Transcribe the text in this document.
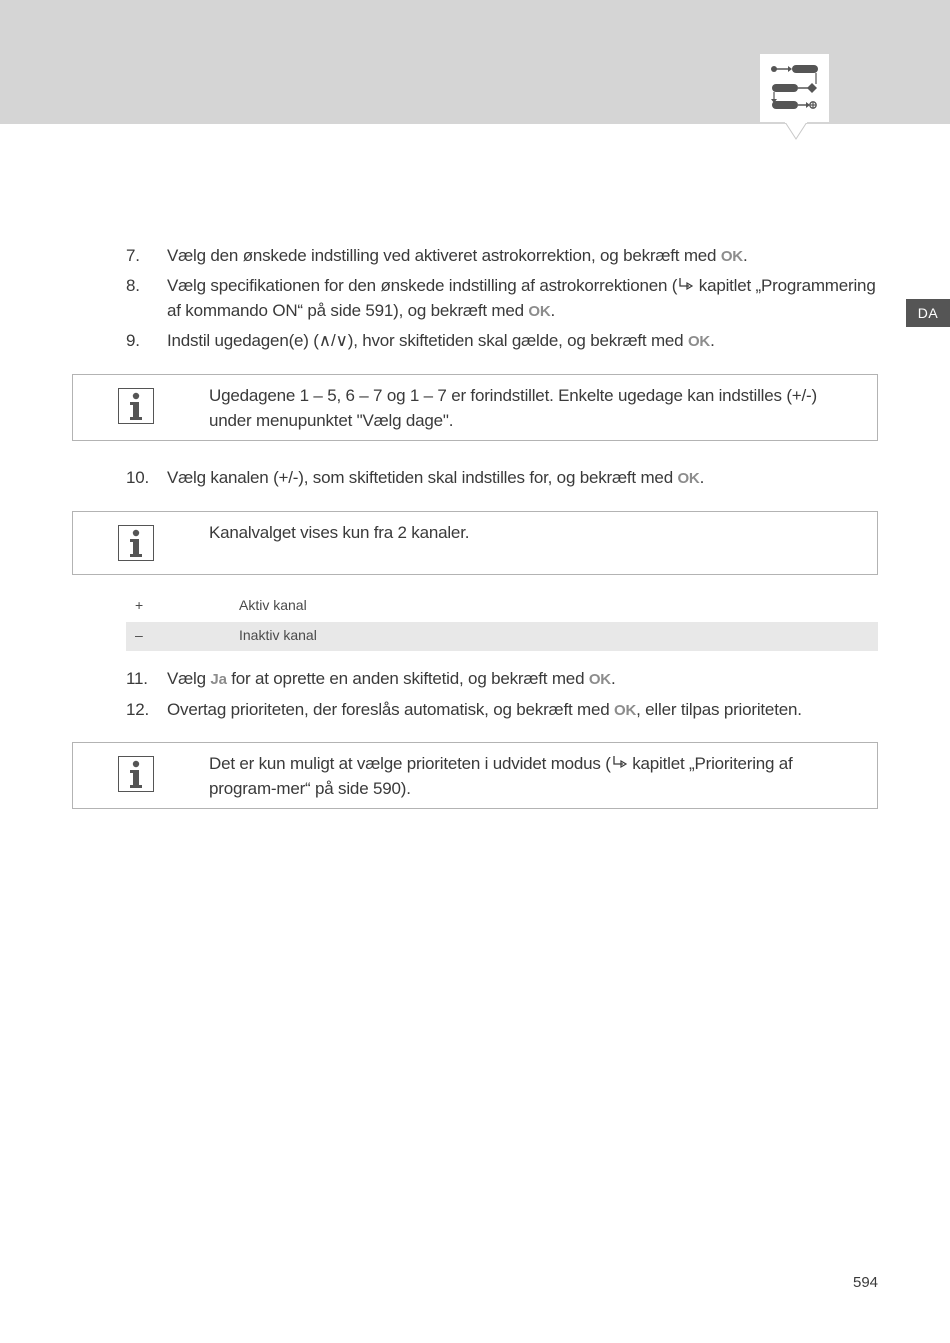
DA
7. Vælg den ønskede indstilling ved aktiveret astrokorrektion, og bekræft med OK.
8. Vælg specifikationen for den ønskede indstilling af astrokorrektionen ( kapitlet „Programmering af kommando ON“ på side 591), og bekræft med OK.
9. Indstil ugedagen(e) (∧/∨), hvor skiftetiden skal gælde, og bekræft med OK.
Ugedagene 1 – 5, 6 – 7 og 1 – 7 er forindstillet. Enkelte ugedage kan indstilles (+/-) under menupunktet "Vælg dage".
10. Vælg kanalen (+/-), som skiftetiden skal indstilles for, og bekræft med OK.
Kanalvalget vises kun fra 2 kanaler.
+	Aktiv kanal
–	Inaktiv kanal
11. Vælg Ja for at oprette en anden skiftetid, og bekræft med OK.
12. Overtag prioriteten, der foreslås automatisk, og bekræft med OK, eller tilpas prioriteten.
Det er kun muligt at vælge prioriteten i udvidet modus ( kapitlet „Prioritering af program-mer“ på side 590).
594
